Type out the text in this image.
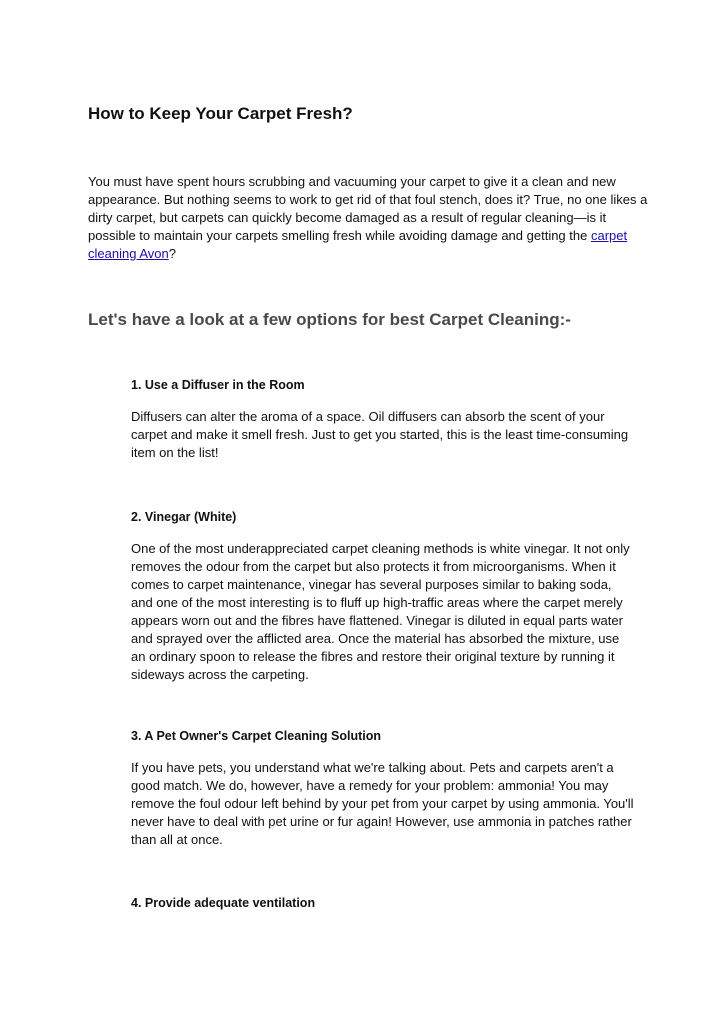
How to Keep Your Carpet Fresh?

You must have spent hours scrubbing and vacuuming your carpet to give it a clean and new appearance. But nothing seems to work to get rid of that foul stench, does it? True, no one likes a dirty carpet, but carpets can quickly become damaged as a result of regular cleaning—is it possible to maintain your carpets smelling fresh while avoiding damage and getting the carpet cleaning Avon?

Let's have a look at a few options for best Carpet Cleaning:-
1. Use a Diffuser in the Room

Diffusers can alter the aroma of a space. Oil diffusers can absorb the scent of your carpet and make it smell fresh. Just to get you started, this is the least time-consuming item on the list!

2. Vinegar (White)

One of the most underappreciated carpet cleaning methods is white vinegar. It not only removes the odour from the carpet but also protects it from microorganisms. When it comes to carpet maintenance, vinegar has several purposes similar to baking soda, and one of the most interesting is to fluff up high-traffic areas where the carpet merely appears worn out and the fibres have flattened. Vinegar is diluted in equal parts water and sprayed over the afflicted area. Once the material has absorbed the mixture, use an ordinary spoon to release the fibres and restore their original texture by running it sideways across the carpeting.

3. A Pet Owner's Carpet Cleaning Solution

If you have pets, you understand what we're talking about. Pets and carpets aren't a good match. We do, however, have a remedy for your problem: ammonia! You may remove the foul odour left behind by your pet from your carpet by using ammonia. You'll never have to deal with pet urine or fur again! However, use ammonia in patches rather than all at once.

4. Provide adequate ventilation
